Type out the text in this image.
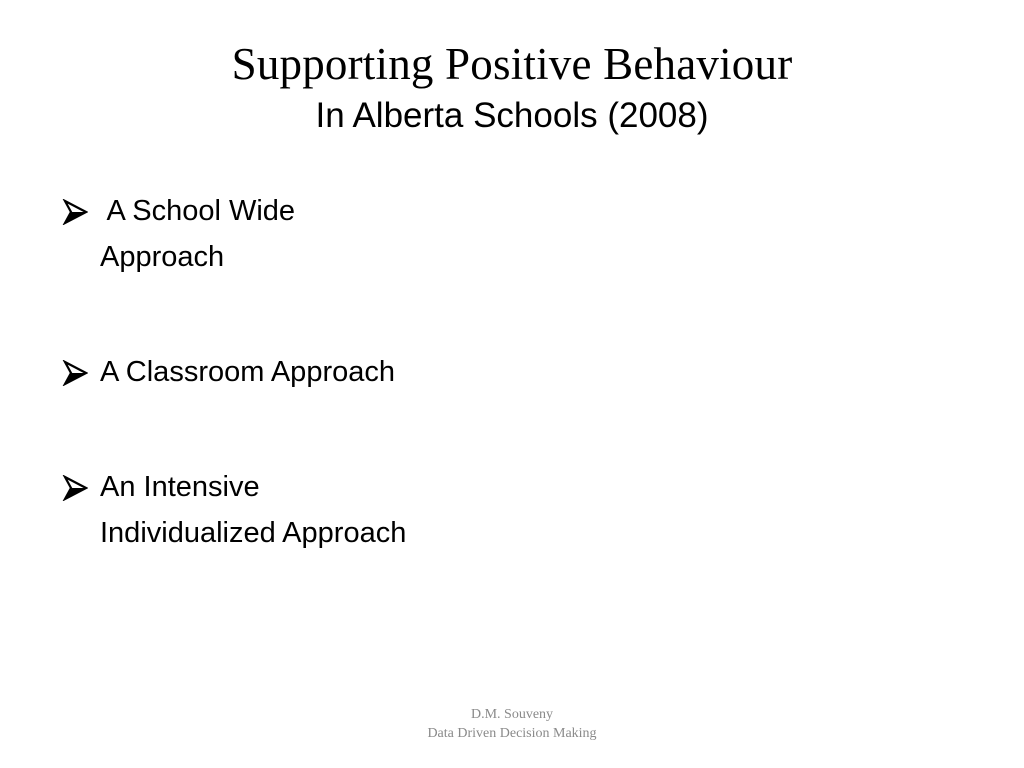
Supporting Positive Behaviour
In Alberta Schools (2008)
A School Wide
Approach
A Classroom Approach
An Intensive
Individualized Approach
D.M. Souveny
Data Driven Decision Making
